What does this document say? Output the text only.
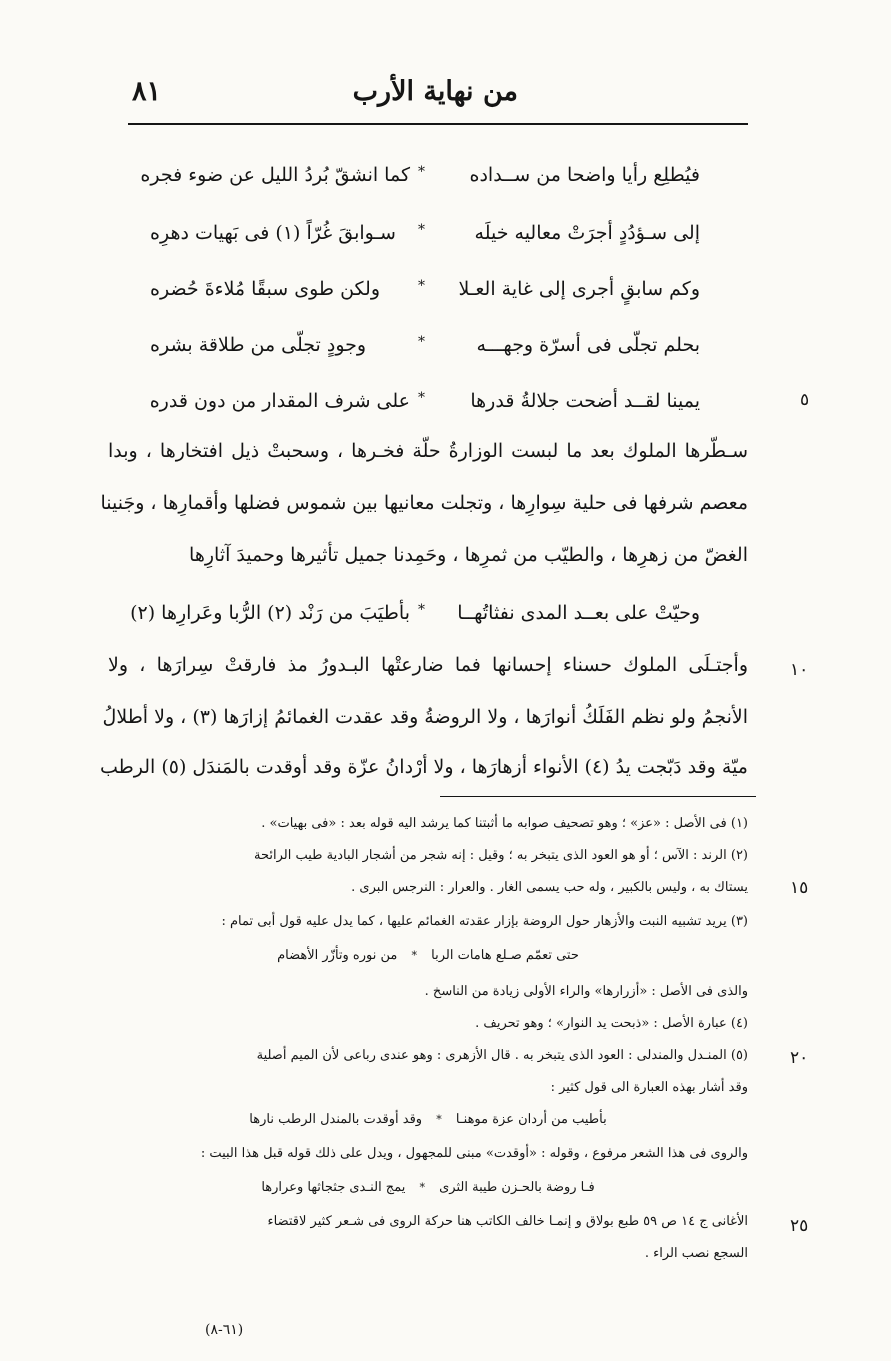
من نهاية الأرب
٨١
فيُطلِع رأيا واضحا من ســداده
*
كما انشقّ بُردُ الليل عن ضوء فجره
إلى سـؤدُدٍ أجرَتْ معاليه خيلَه
*
سـوابقَ غُرّاً (١) فى بَهيات دهرِه
وكم سابقٍ أجرى إلى غاية العـلا
*
ولكن طوى سبقًا مُلاءةَ حُضره
بحلم تجلّى فى أسرّة وجهـــه
*
وجودٍ تجلّى من طلاقة بشره
يمينا لقــد أضحت جلالةُ قدرها
*
على شرف المقدار من دون قدره	٥
سـطّرها الملوك بعد ما لبست الوزارةُ حلّة فخـرها ، وسحبتْ ذيل افتخارها ، وبدا
معصم شرفها فى حلية سِوارِها ، وتجلت معانيها بين شموس فضلها وأقمارِها ، وجَنينا
الغضّ من زهرِها ، والطيّب من ثمرِها ، وحَمِدنا جميل تأثيرها وحميدَ آثارِها
وحيّتْ على بعــد المدى نفثاتُهــا
*
بأطيَبَ من رَنْد (٢) الرُّبا وعَرارِها (٢)
وأجتـلَى الملوك حسناء إحسانها فما ضارعتْها البـدورُ مذ فارقتْ سِرارَها ، ولا ١٠
الأنجمُ ولو نظم الفَلَكُ أنوارَها ، ولا الروضةُ وقد عقدت الغمائمُ إزارَها (٣) ، ولا أطلالُ
ميّة وقد دَبّجت يدُ (٤) الأنواء أزهارَها ، ولا أرْدانُ عزّة وقد أوقدت بالمَندَل (٥) الرطب
(١) فى الأصل : «عز» ؛ وهو تصحيف صوابه ما أثبتنا كما يرشد اليه قوله بعد : «فى بهيات» .
(٢) الرند : الآس ؛ أو هو العود الذى يتبخر به ؛ وقيل : إنه شجر من أشجار البادية طيب الرائحة
يستاك به ، وليس بالكبير ، وله حب يسمى الغار . والعرار : النرجس البرى . ١٥
(٣) يريد تشبيه النبت والأزهار حول الروضة بإزار عقدته الغمائم عليها ، كما يدل عليه قول أبى تمام :
حتى تعمّم صـلع هامات الربا * من نوره وتأزّر الأهضام
والذى فى الأصل : «أزرارها» والراء الأولى زيادة من الناسخ .
(٤) عبارة الأصل : «ذبحت يد النوار» ؛ وهو تحريف .
(٥) المنـدل والمندلى : العود الذى يتبخر به . قال الأزهرى : وهو عندى رباعى لأن الميم أصلية ٢٠
وقد أشار بهذه العبارة الى قول كثير :
بأطيب من أردان عزة موهنـا * وقد أوقدت بالمندل الرطب نارها
والروى فى هذا الشعر مرفوع ، وقوله : «أوقدت» مبنى للمجهول ، ويدل على ذلك قوله قبل هذا البيت :
فـا روضة بالحـزن طيبة الثرى * يمج النـدى جثجاثها وعرارها
الأغانى ج ١٤ ص ٥٩ طبع بولاق و إنمـا خالف الكاتب هنا حركة الروى فى شـعر كثير لاقتضاء ٢٥
السجع نصب الراء .
(٦١-٨)
